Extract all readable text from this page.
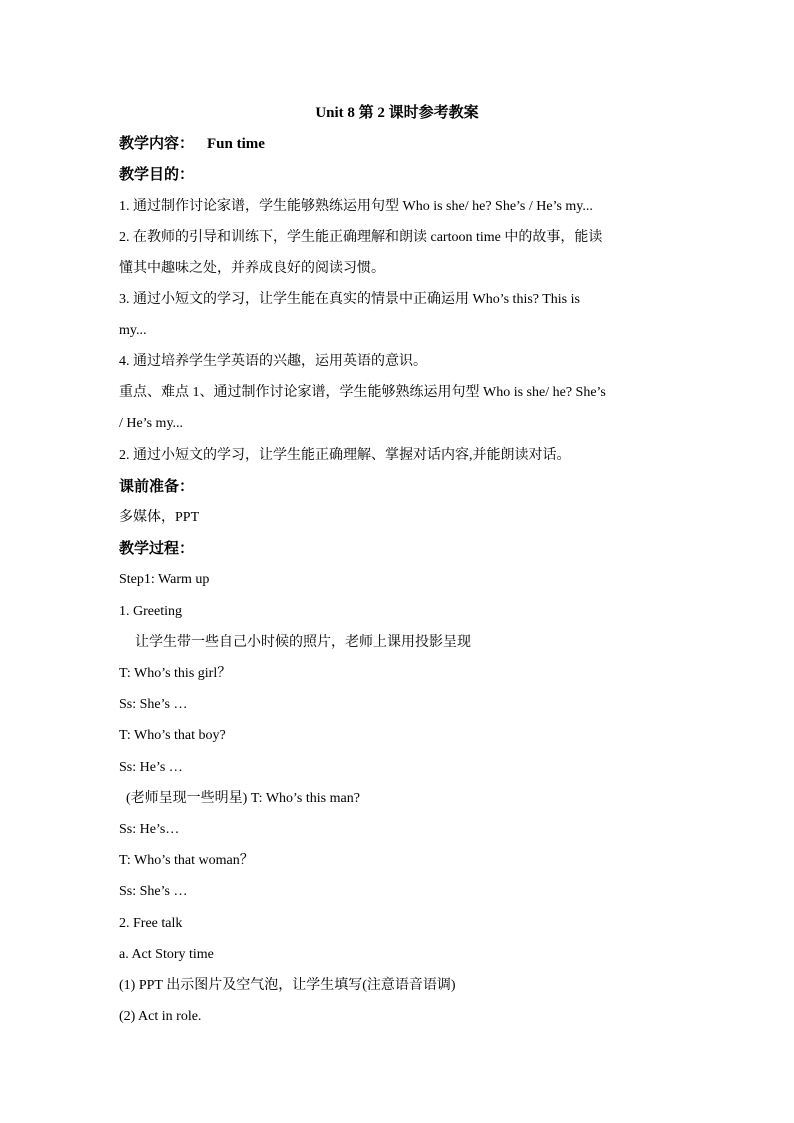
Unit 8 第 2 课时参考教案
教学内容： Fun time
教学目的：
1. 通过制作讨论家谱，学生能够熟练运用句型 Who is she/ he? She’s / He’s my...
2. 在教师的引导和训练下，学生能正确理解和朗读 cartoon time 中的故事，能读
懂其中趣味之处，并养成良好的阅读习惯。
3. 通过小短文的学习，让学生能在真实的情景中正确运用 Who’s this? This is
my...
4. 通过培养学生学英语的兴趣，运用英语的意识。
重点、难点 1、通过制作讨论家谱，学生能够熟练运用句型 Who is she/ he? She’s
/ He’s my...
2. 通过小短文的学习，让学生能正确理解、掌握对话内容,并能朗读对话。
课前准备：
多媒体，PPT
教学过程：
Step1: Warm up
1. Greeting
让学生带一些自己小时候的照片，老师上课用投影呈现
T: Who’s this girl？
Ss: She’s …
T: Who’s that boy?
Ss: He’s …
(老师呈现一些明星) T: Who’s this man?
Ss: He’s…
T: Who’s that woman？
Ss: She’s …
2. Free talk
a. Act Story time
(1) PPT 出示图片及空气泡，让学生填写(注意语音语调)
(2) Act in role.
